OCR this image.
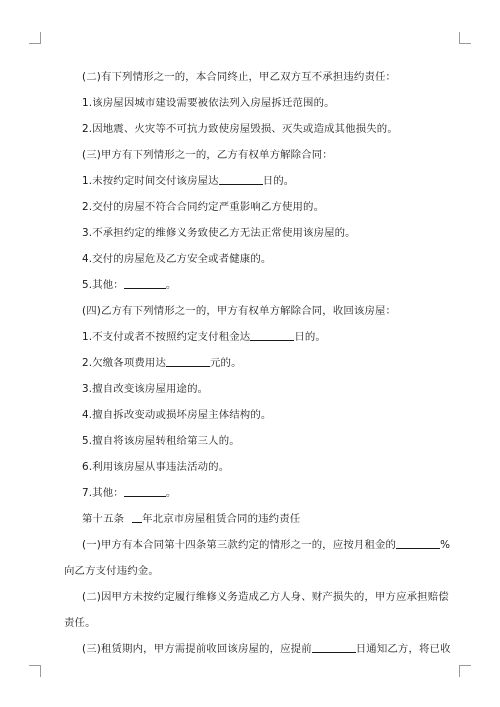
(二)有下列情形之一的，本合同终止，甲乙双方互不承担违约责任：
1.该房屋因城市建设需要被依法列入房屋拆迁范围的。
2.因地震、火灾等不可抗力致使房屋毁损、灭失或造成其他损失的。
(三)甲方有下列情形之一的，乙方有权单方解除合同：
1.未按约定时间交付该房屋达	日的。
2.交付的房屋不符合合同约定严重影响乙方使用的。
3.不承担约定的维修义务致使乙方无法正常使用该房屋的。
4.交付的房屋危及乙方安全或者健康的。
5.其他：	。
(四)乙方有下列情形之一的，甲方有权单方解除合同，收回该房屋：
1.不支付或者不按照约定支付租金达	日的。
2.欠缴各项费用达	元的。
3.擅自改变该房屋用途的。
4.擅自拆改变动或损坏房屋主体结构的。
5.擅自将该房屋转租给第三人的。
6.利用该房屋从事违法活动的。
7.其他：	。
第十五条 年北京市房屋租赁合同的违约责任
(一)甲方有本合同第十四条第三款约定的情形之一的，应按月租金的	%
向乙方支付违约金。
(二)因甲方未按约定履行维修义务造成乙方人身、财产损失的，甲方应承担赔偿
责任。
(三)租赁期内，甲方需提前收回该房屋的，应提前	日通知乙方，将已收
